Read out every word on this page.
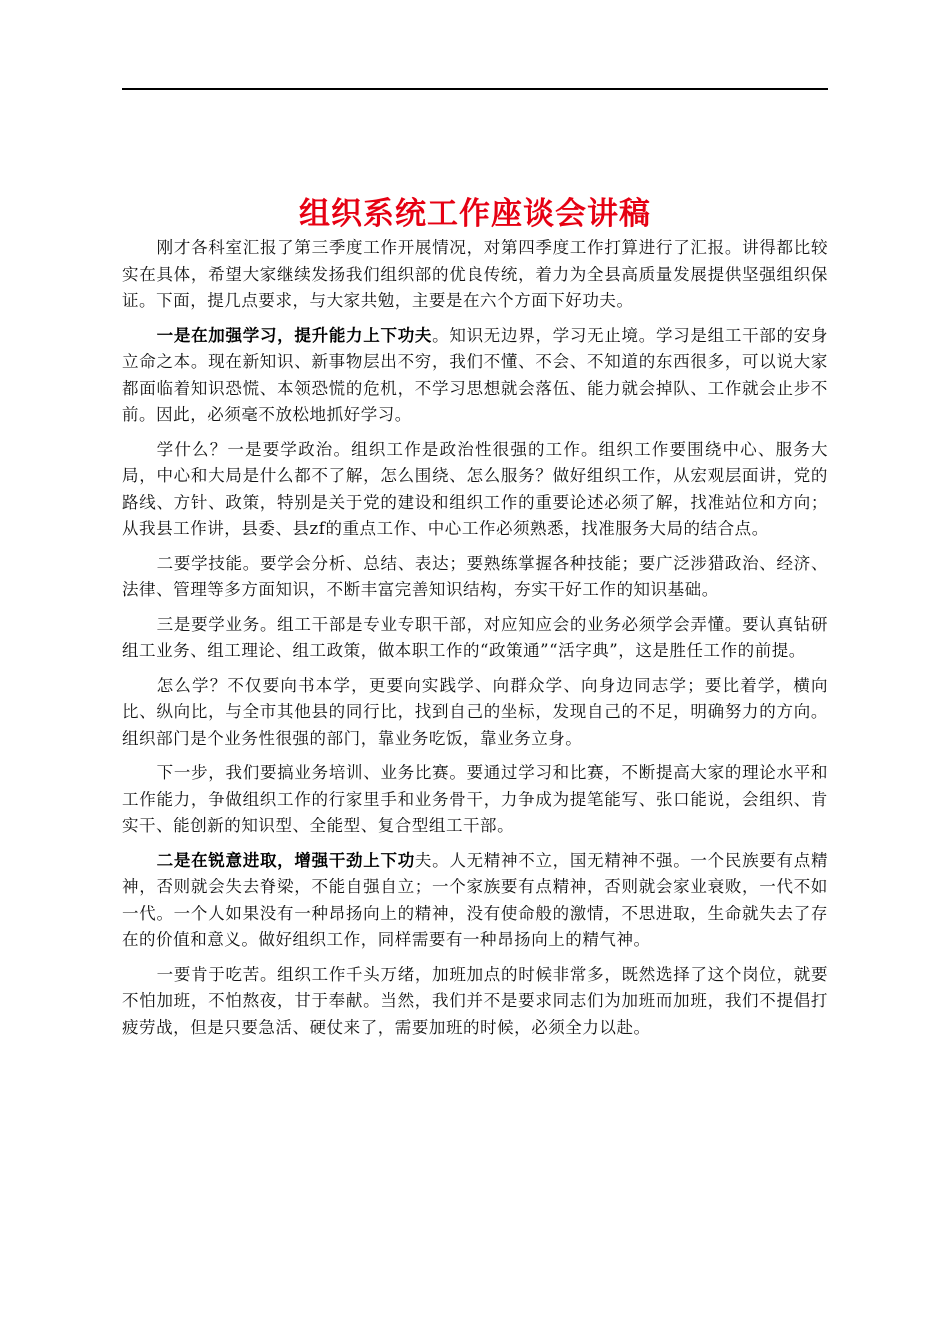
组织系统工作座谈会讲稿

刚才各科室汇报了第三季度工作开展情况，对第四季度工作打算进行了汇报。讲得都比较实在具体，希望大家继续发扬我们组织部的优良传统，着力为全县高质量发展提供坚强组织保证。下面，提几点要求，与大家共勉，主要是在六个方面下好功夫。

一是在加强学习，提升能力上下功夫。知识无边界，学习无止境。学习是组工干部的安身立命之本。现在新知识、新事物层出不穷，我们不懂、不会、不知道的东西很多，可以说大家都面临着知识恐慌、本领恐慌的危机，不学习思想就会落伍、能力就会掉队、工作就会止步不前。因此，必须毫不放松地抓好学习。

学什么？一是要学政治。组织工作是政治性很强的工作。组织工作要围绕中心、服务大局，中心和大局是什么都不了解，怎么围绕、怎么服务？做好组织工作，从宏观层面讲，党的路线、方针、政策，特别是关于党的建设和组织工作的重要论述必须了解，找准站位和方向；从我县工作讲，县委、县zf的重点工作、中心工作必须熟悉，找准服务大局的结合点。

二要学技能。要学会分析、总结、表达；要熟练掌握各种技能；要广泛涉猎政治、经济、法律、管理等多方面知识，不断丰富完善知识结构，夯实干好工作的知识基础。

三是要学业务。组工干部是专业专职干部，对应知应会的业务必须学会弄懂。要认真钻研组工业务、组工理论、组工政策，做本职工作的“政策通”“活字典”，这是胜任工作的前提。

怎么学？不仅要向书本学，更要向实践学、向群众学、向身边同志学；要比着学，横向比、纵向比，与全市其他县的同行比，找到自己的坐标，发现自己的不足，明确努力的方向。组织部门是个业务性很强的部门，靠业务吃饭，靠业务立身。

下一步，我们要搞业务培训、业务比赛。要通过学习和比赛，不断提高大家的理论水平和工作能力，争做组织工作的行家里手和业务骨干，力争成为提笔能写、张口能说，会组织、肯实干、能创新的知识型、全能型、复合型组工干部。

二是在锐意进取，增强干劲上下功夫。人无精神不立，国无精神不强。一个民族要有点精神，否则就会失去脊梁，不能自强自立；一个家族要有点精神，否则就会家业衰败，一代不如一代。一个人如果没有一种昂扬向上的精神，没有使命般的激情，不思进取，生命就失去了存在的价值和意义。做好组织工作，同样需要有一种昂扬向上的精气神。

一要肯于吃苦。组织工作千头万绪，加班加点的时候非常多，既然选择了这个岗位，就要不怕加班，不怕熬夜，甘于奉献。当然，我们并不是要求同志们为加班而加班，我们不提倡打疲劳战，但是只要急活、硬仗来了，需要加班的时候，必须全力以赴。
